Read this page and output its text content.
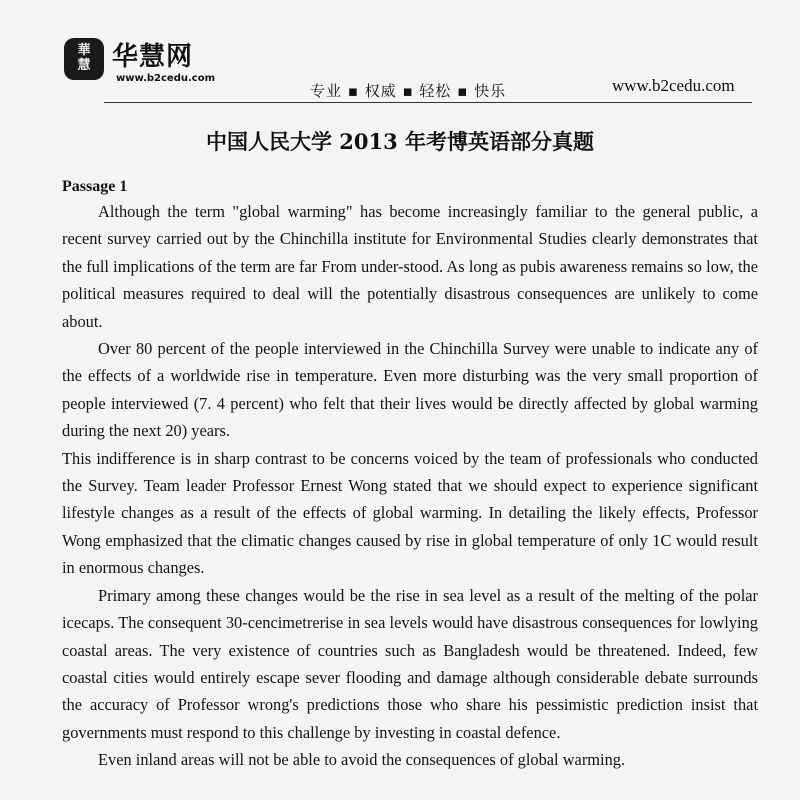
華
慧 华慧网
www.b2cedu.com
专业 ▪ 权威 ▪ 轻松 ▪ 快乐	www.b2cedu.com
中国人民大学 2013 年考博英语部分真题
Passage 1

Although the term "global warming" has become increasingly familiar to the general public, a recent survey carried out by the Chinchilla institute for Environmental Studies clearly demonstrates that the full implications of the term are far From under-stood. As long as pubis awareness remains so low, the political measures required to deal will the potentially disastrous consequences are unlikely to come about.

Over 80 percent of the people interviewed in the Chinchilla Survey were unable to indicate any of the effects of a worldwide rise in temperature. Even more disturbing was the very small proportion of people interviewed (7. 4 percent) who felt that their lives would be directly affected by global warming during the next 20) years.

This indifference is in sharp contrast to be concerns voiced by the team of professionals who conducted the Survey. Team leader Professor Ernest Wong stated that we should expect to experience significant lifestyle changes as a result of the effects of global warming. In detailing the likely effects, Professor Wong emphasized that the climatic changes caused by rise in global temperature of only 1C would result in enormous changes.

Primary among these changes would be the rise in sea level as a result of the melting of the polar icecaps. The consequent 30-cencimetrerise in sea levels would have disastrous consequences for lowlying coastal areas. The very existence of countries such as Bangladesh would be threatened. Indeed, few coastal cities would entirely escape sever flooding and damage although considerable debate surrounds the accuracy of Professor wrong's predictions those who share his pessimistic prediction insist that governments must respond to this challenge by investing in coastal defence.

Even inland areas will not be able to avoid the consequences of global warming.
